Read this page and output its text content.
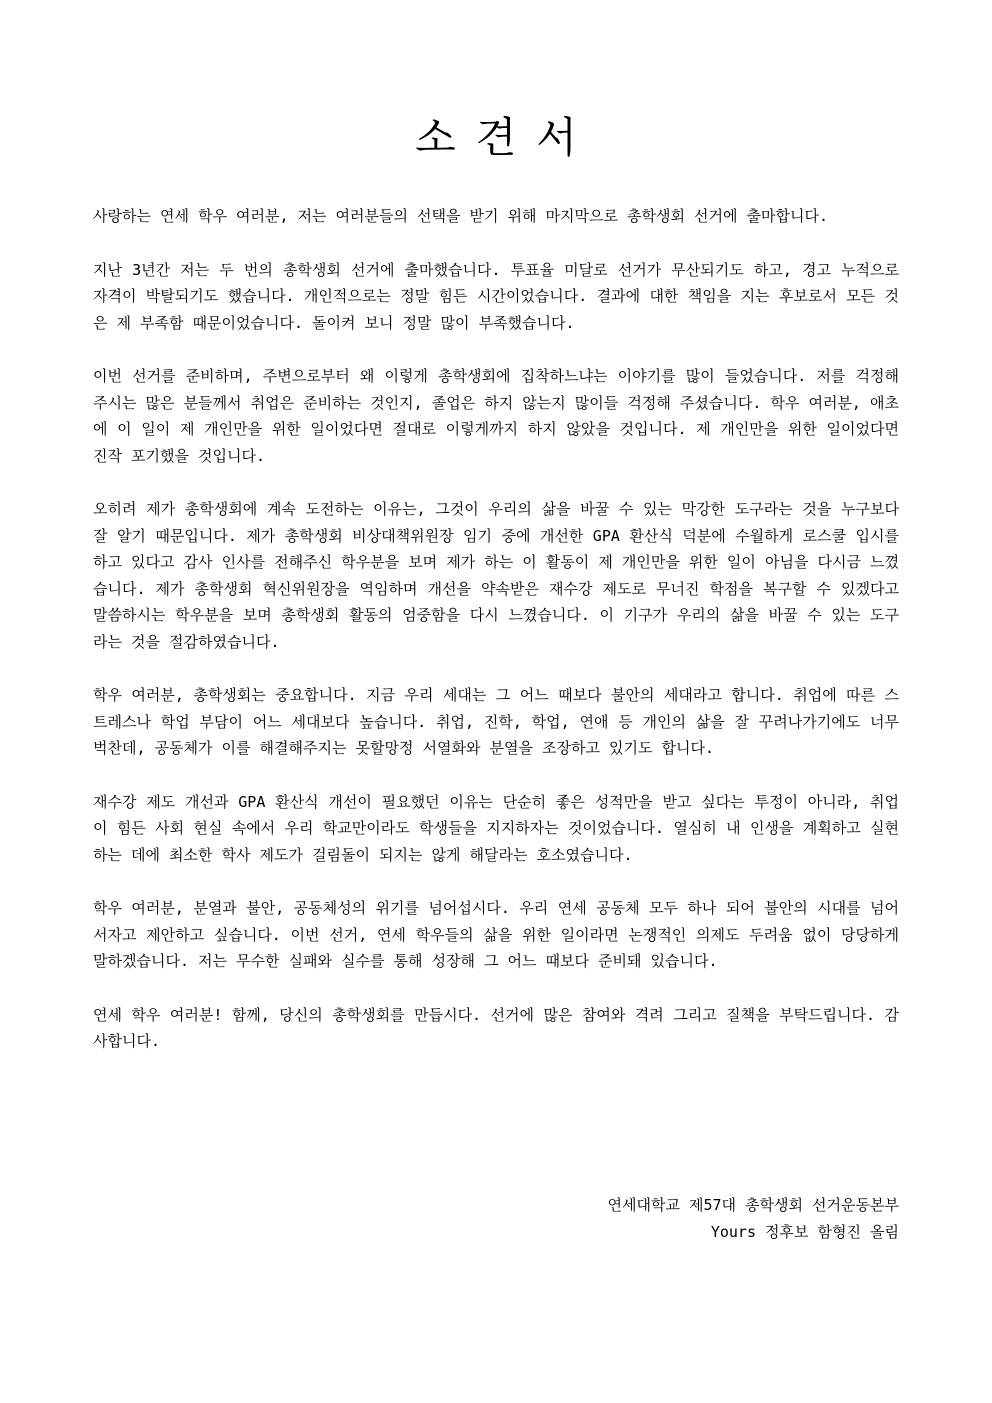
소견서

사랑하는 연세 학우 여러분, 저는 여러분들의 선택을 받기 위해 마지막으로 총학생회 선거에 출마합니다.

지난 3년간 저는 두 번의 총학생회 선거에 출마했습니다. 투표율 미달로 선거가 무산되기도 하고, 경고 누적으로 자격이 박탈되기도 했습니다. 개인적으로는 정말 힘든 시간이었습니다. 결과에 대한 책임을 지는 후보로서 모든 것은 제 부족함 때문이었습니다. 돌이켜 보니 정말 많이 부족했습니다.

이번 선거를 준비하며, 주변으로부터 왜 이렇게 총학생회에 집착하느냐는 이야기를 많이 들었습니다. 저를 걱정해 주시는 많은 분들께서 취업은 준비하는 것인지, 졸업은 하지 않는지 많이들 걱정해 주셨습니다. 학우 여러분, 애초에 이 일이 제 개인만을 위한 일이었다면 절대로 이렇게까지 하지 않았을 것입니다. 제 개인만을 위한 일이었다면 진작 포기했을 것입니다.

오히려 제가 총학생회에 계속 도전하는 이유는, 그것이 우리의 삶을 바꿀 수 있는 막강한 도구라는 것을 누구보다 잘 알기 때문입니다. 제가 총학생회 비상대책위원장 임기 중에 개선한 GPA 환산식 덕분에 수월하게 로스쿨 입시를 하고 있다고 감사 인사를 전해주신 학우분을 보며 제가 하는 이 활동이 제 개인만을 위한 일이 아님을 다시금 느꼈습니다. 제가 총학생회 혁신위원장을 역임하며 개선을 약속받은 재수강 제도로 무너진 학점을 복구할 수 있겠다고 말씀하시는 학우분을 보며 총학생회 활동의 엄중함을 다시 느꼈습니다. 이 기구가 우리의 삶을 바꿀 수 있는 도구라는 것을 절감하였습니다.

학우 여러분, 총학생회는 중요합니다. 지금 우리 세대는 그 어느 때보다 불안의 세대라고 합니다. 취업에 따른 스트레스나 학업 부담이 어느 세대보다 높습니다. 취업, 진학, 학업, 연애 등 개인의 삶을 잘 꾸려나가기에도 너무 벅찬데, 공동체가 이를 해결해주지는 못할망정 서열화와 분열을 조장하고 있기도 합니다.

재수강 제도 개선과 GPA 환산식 개선이 필요했던 이유는 단순히 좋은 성적만을 받고 싶다는 투정이 아니라, 취업이 힘든 사회 현실 속에서 우리 학교만이라도 학생들을 지지하자는 것이었습니다. 열심히 내 인생을 계획하고 실현하는 데에 최소한 학사 제도가 걸림돌이 되지는 않게 해달라는 호소였습니다.

학우 여러분, 분열과 불안, 공동체성의 위기를 넘어섭시다. 우리 연세 공동체 모두 하나 되어 불안의 시대를 넘어서자고 제안하고 싶습니다. 이번 선거, 연세 학우들의 삶을 위한 일이라면 논쟁적인 의제도 두려움 없이 당당하게 말하겠습니다. 저는 무수한 실패와 실수를 통해 성장해 그 어느 때보다 준비돼 있습니다.

연세 학우 여러분! 함께, 당신의 총학생회를 만듭시다. 선거에 많은 참여와 격려 그리고 질책을 부탁드립니다. 감사합니다.

연세대학교 제57대 총학생회 선거운동본부
Yours 정후보 함형진 올림
